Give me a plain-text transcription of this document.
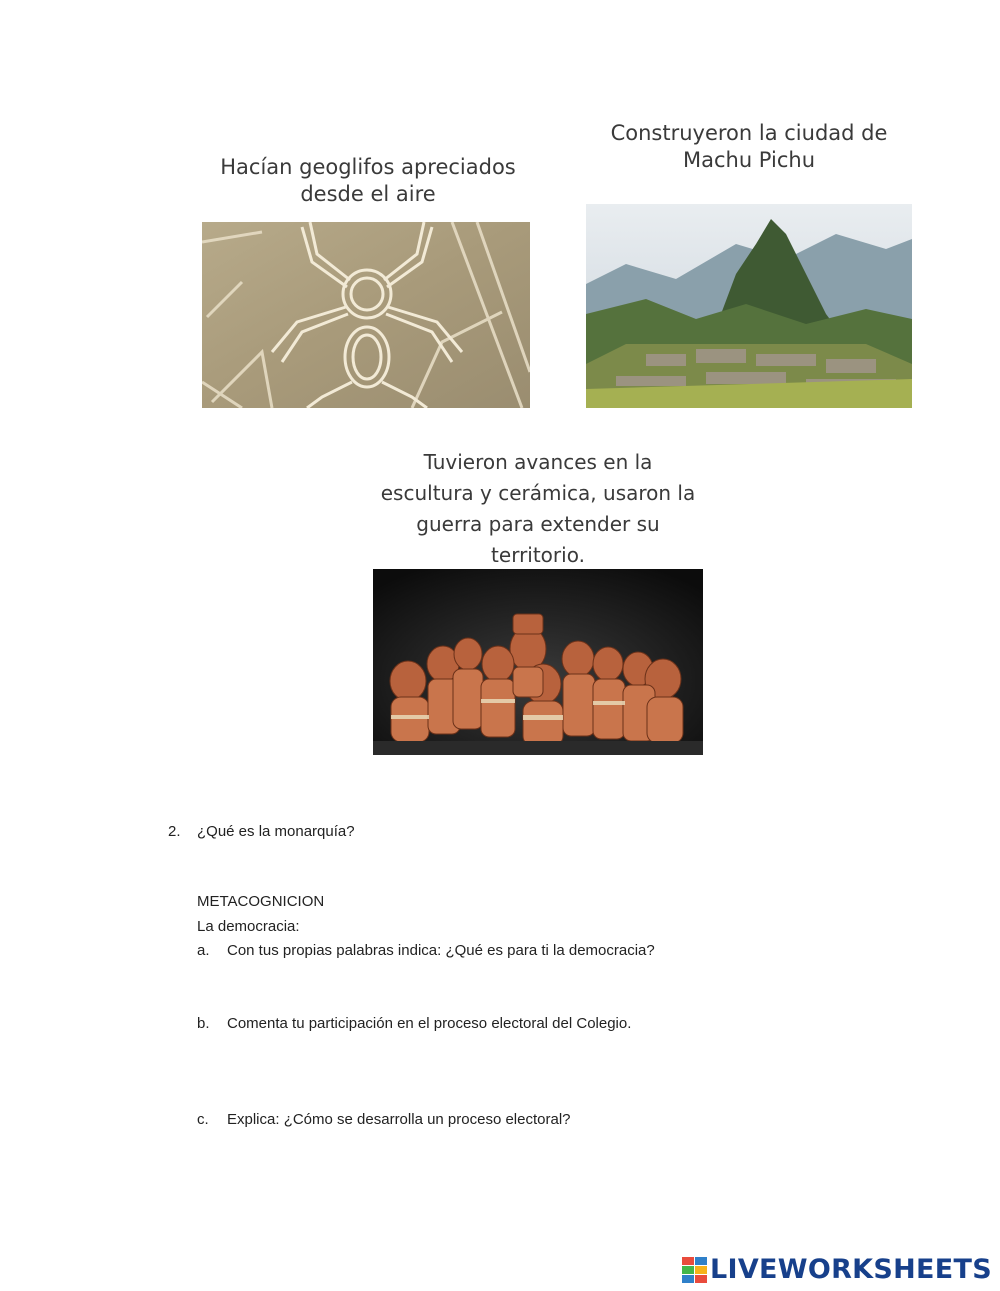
Hacían geoglifos apreciados
desde el aire
Construyeron la ciudad de
Machu Pichu
Tuvieron avances en la
escultura y cerámica, usaron la
guerra para extender su
territorio.
2. ¿Qué es la monarquía?
METACOGNICION
La democracia:
a. Con tus propias palabras indica: ¿Qué es para ti la democracia?
b. Comenta tu participación en el proceso electoral del Colegio.
c. Explica: ¿Cómo se desarrolla un proceso electoral?
LIVEWORKSHEETS
